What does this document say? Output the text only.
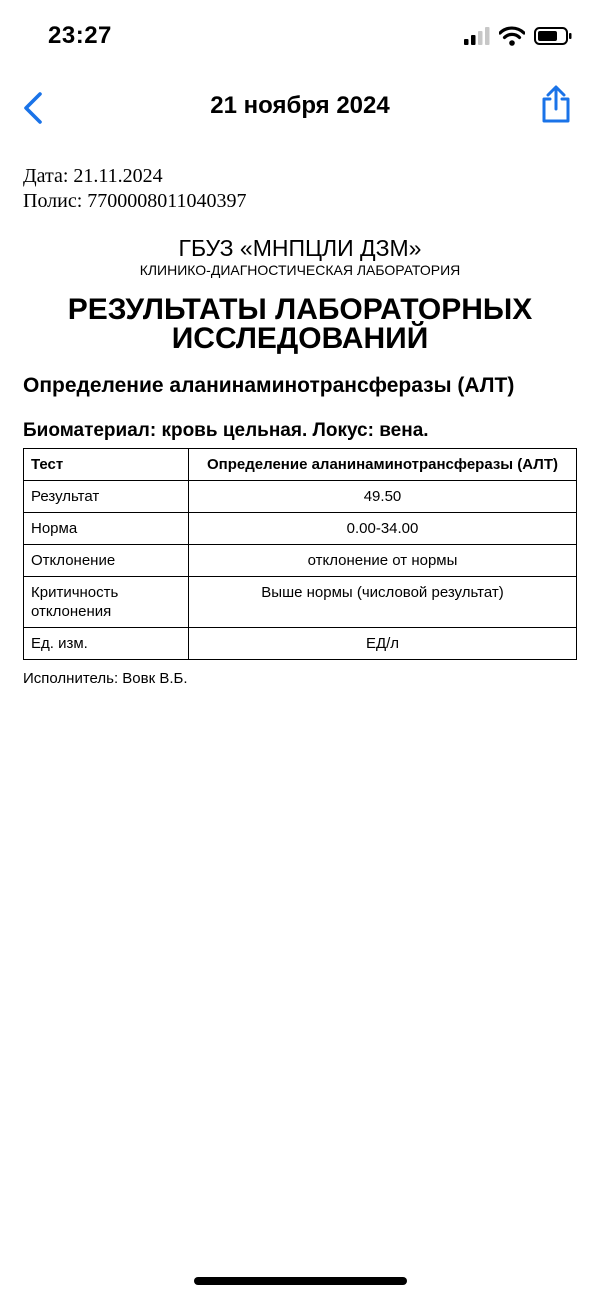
23:27
21 ноября 2024
Дата: 21.11.2024
Полис: 7700008011040397
ГБУЗ «МНПЦЛИ ДЗМ»
КЛИНИКО-ДИАГНОСТИЧЕСКАЯ ЛАБОРАТОРИЯ
РЕЗУЛЬТАТЫ ЛАБОРАТОРНЫХ ИССЛЕДОВАНИЙ
Определение аланинаминотрансферазы (АЛТ)
Биоматериал: кровь цельная. Локус: вена.
Тест	Определение аланинаминотрансферазы (АЛТ)
Результат	49.50
Норма	0.00-34.00
Отклонение	отклонение от нормы
Критичность отклонения	Выше нормы (числовой результат)
Ед. изм.	ЕД/л
Исполнитель: Вовк В.Б.
